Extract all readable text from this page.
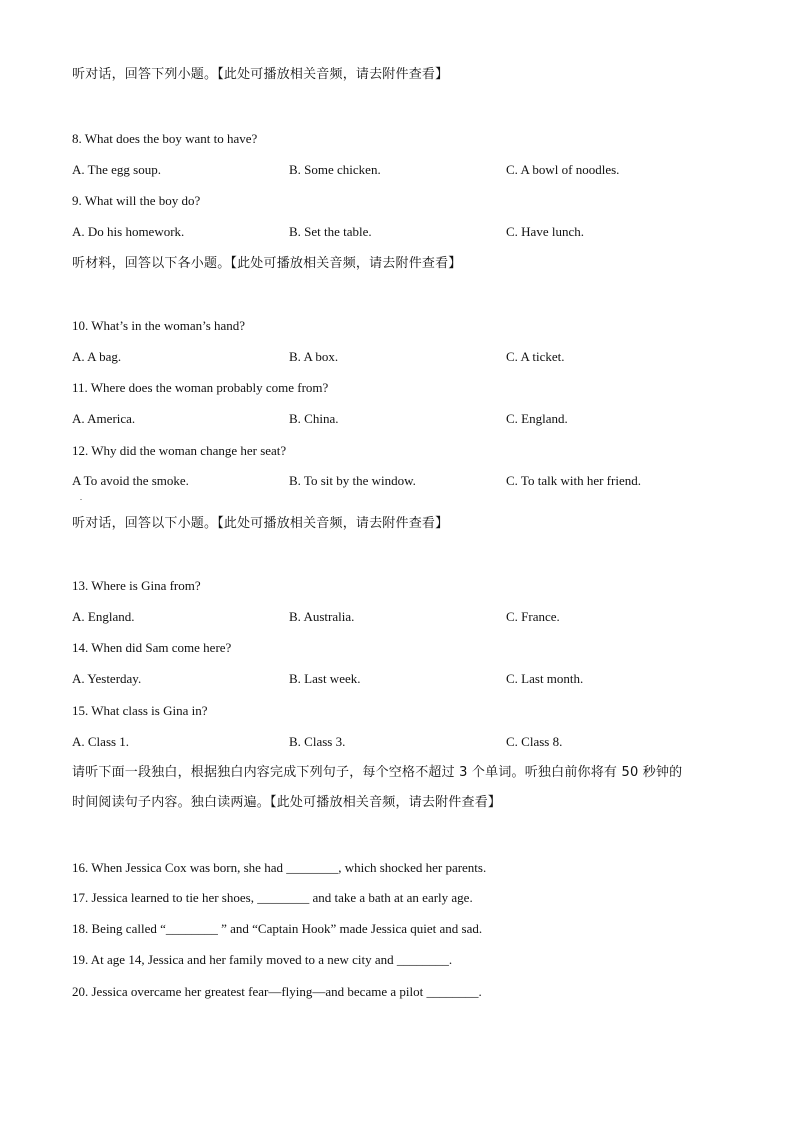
听对话，回答下列小题。【此处可播放相关音频，请去附件查看】
8. What does the boy want to have?
A. The egg soup.	B. Some chicken.	C. A bowl of noodles.
9. What will the boy do?
A. Do his homework.	B. Set the table.	C. Have lunch.
听材料，回答以下各小题。【此处可播放相关音频，请去附件查看】
10. What’s in the woman’s hand?
A. A bag.	B. A box.	C. A ticket.
11. Where does the woman probably come from?
A. America.	B. China.	C. England.
12. Why did the woman change her seat?
A To avoid the smoke.	B. To sit by the window.	C. To talk with her friend.
.
听对话，回答以下小题。【此处可播放相关音频，请去附件查看】
13. Where is Gina from?
A. England.	B. Australia.	C. France.
14. When did Sam come here?
A. Yesterday.	B. Last week.	C. Last month.
15. What class is Gina in?
A. Class 1.	B. Class 3.	C. Class 8.
请听下面一段独白，根据独白内容完成下列句子，每个空格不超过 3 个单词。听独白前你将有 50 秒钟的
时间阅读句子内容。独白读两遍。【此处可播放相关音频，请去附件查看】
16. When Jessica Cox was born, she had ________, which shocked her parents.
17. Jessica learned to tie her shoes, ________ and take a bath at an early age.
18. Being called “________ ” and “Captain Hook” made Jessica quiet and sad.
19. At age 14, Jessica and her family moved to a new city and ________.
20. Jessica overcame her greatest fear—flying—and became a pilot ________.
